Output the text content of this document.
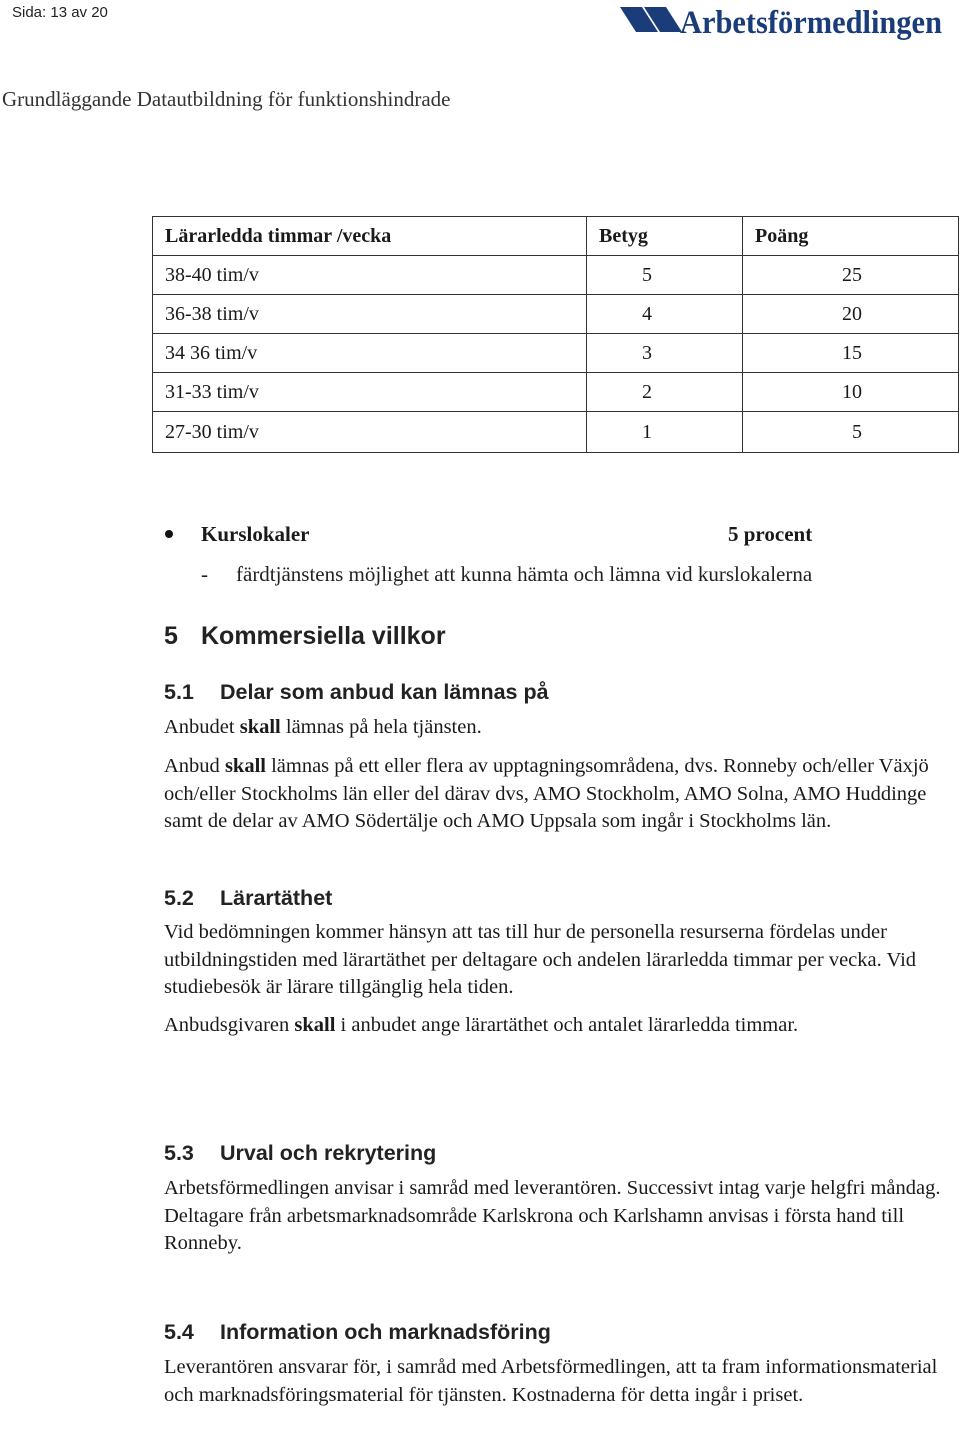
Sida: 13 av 20	Arbetsförmedlingen
Grundläggande Datautbildning för funktionshindrade
Lärarledda timmar /vecka	Betyg	Poäng
38-40 tim/v	5	25
36-38 tim/v	4	20
34 36 tim/v	3	15
31-33 tim/v	2	10
27-30 tim/v	1	5
Kurslokaler	5 procent
- färdtjänstens möjlighet att kunna hämta och lämna vid kurslokalerna
5 Kommersiella villkor
5.1 Delar som anbud kan lämnas på
Anbudet skall lämnas på hela tjänsten.
Anbud skall lämnas på ett eller flera av upptagningsområdena, dvs. Ronneby och/eller Växjö och/eller Stockholms län eller del därav dvs, AMO Stockholm, AMO Solna, AMO Huddinge samt de delar av AMO Södertälje och AMO Uppsala som ingår i Stockholms län.
5.2 Lärartäthet
Vid bedömningen kommer hänsyn att tas till hur de personella resurserna fördelas under utbildningstiden med lärartäthet per deltagare och andelen lärarledda timmar per vecka. Vid studiebesök är lärare tillgänglig hela tiden.
Anbudsgivaren skall i anbudet ange lärartäthet och antalet lärarledda timmar.
5.3 Urval och rekrytering
Arbetsförmedlingen anvisar i samråd med leverantören. Successivt intag varje helgfri måndag. Deltagare från arbetsmarknadsområde Karlskrona och Karlshamn anvisas i första hand till Ronneby.
5.4 Information och marknadsföring
Leverantören ansvarar för, i samråd med Arbetsförmedlingen, att ta fram informationsmaterial och marknadsföringsmaterial för tjänsten. Kostnaderna för detta ingår i priset.
